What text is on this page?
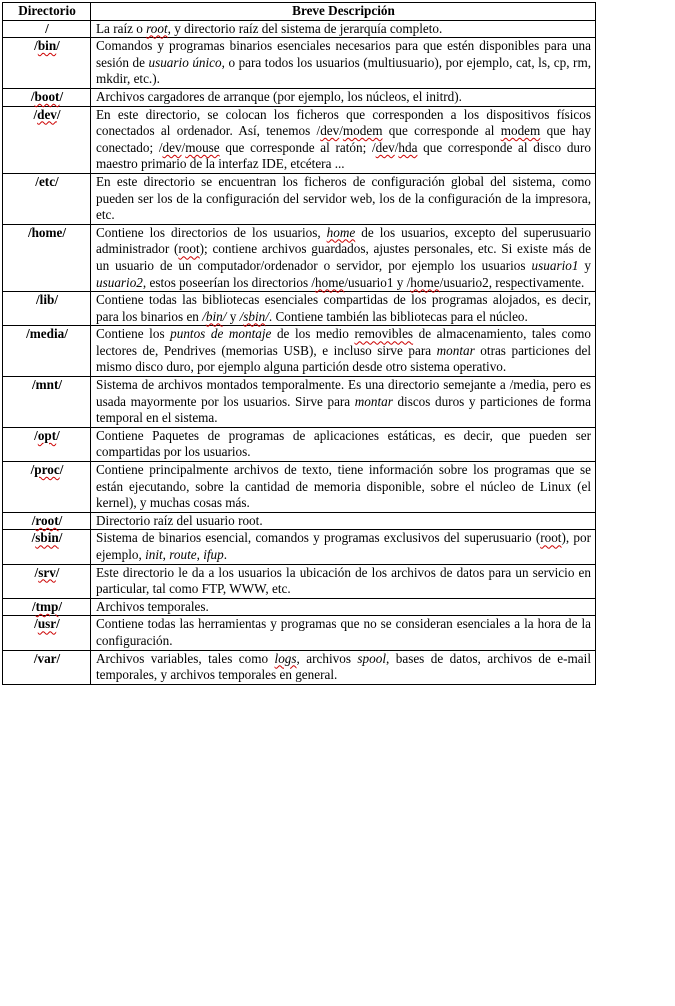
Directorio	Breve Descripción
/	La raíz o root, y directorio raíz del sistema de jerarquía completo.
/bin/	Comandos y programas binarios esenciales necesarios para que estén disponibles para una sesión de usuario único, o para todos los usuarios (multiusuario), por ejemplo, cat, ls, cp, rm, mkdir, etc.).
/boot/	Archivos cargadores de arranque (por ejemplo, los núcleos, el initrd).
/dev/	En este directorio, se colocan los ficheros que corresponden a los dispositivos físicos conectados al ordenador. Así, tenemos /dev/modem que corresponde al modem que hay conectado; /dev/mouse que corresponde al ratón; /dev/hda que corresponde al disco duro maestro primario de la interfaz IDE, etcétera ...
/etc/	En este directorio se encuentran los ficheros de configuración global del sistema, como pueden ser los de la configuración del servidor web, los de la configuración de la impresora, etc.
/home/	Contiene los directorios de los usuarios, home de los usuarios, excepto del superusuario administrador (root); contiene archivos guardados, ajustes personales, etc. Si existe más de un usuario de un computador/ordenador o servidor, por ejemplo los usuarios usuario1 y usuario2, estos poseerían los directorios /home/usuario1 y /home/usuario2, respectivamente.
/lib/	Contiene todas las bibliotecas esenciales compartidas de los programas alojados, es decir, para los binarios en /bin/ y /sbin/. Contiene también las bibliotecas para el núcleo.
/media/	Contiene los puntos de montaje de los medio removibles de almacenamiento, tales como lectores de, Pendrives (memorias USB), e incluso sirve para montar otras particiones del mismo disco duro, por ejemplo alguna partición desde otro sistema operativo.
/mnt/	Sistema de archivos montados temporalmente. Es una directorio semejante a /media, pero es usada mayormente por los usuarios. Sirve para montar discos duros y particiones de forma temporal en el sistema.
/opt/	Contiene Paquetes de programas de aplicaciones estáticas, es decir, que pueden ser compartidas por los usuarios.
/proc/	Contiene principalmente archivos de texto, tiene información sobre los programas que se están ejecutando, sobre la cantidad de memoria disponible, sobre el núcleo de Linux (el kernel), y muchas cosas más.
/root/	Directorio raíz del usuario root.
/sbin/	Sistema de binarios esencial, comandos y programas exclusivos del superusuario (root), por ejemplo, init, route, ifup.
/srv/	Este directorio le da a los usuarios la ubicación de los archivos de datos para un servicio en particular, tal como FTP, WWW, etc.
/tmp/	Archivos temporales.
/usr/	Contiene todas las herramientas y programas que no se consideran esenciales a la hora de la configuración.
/var/	Archivos variables, tales como logs, archivos spool, bases de datos, archivos de e-mail temporales, y archivos temporales en general.
